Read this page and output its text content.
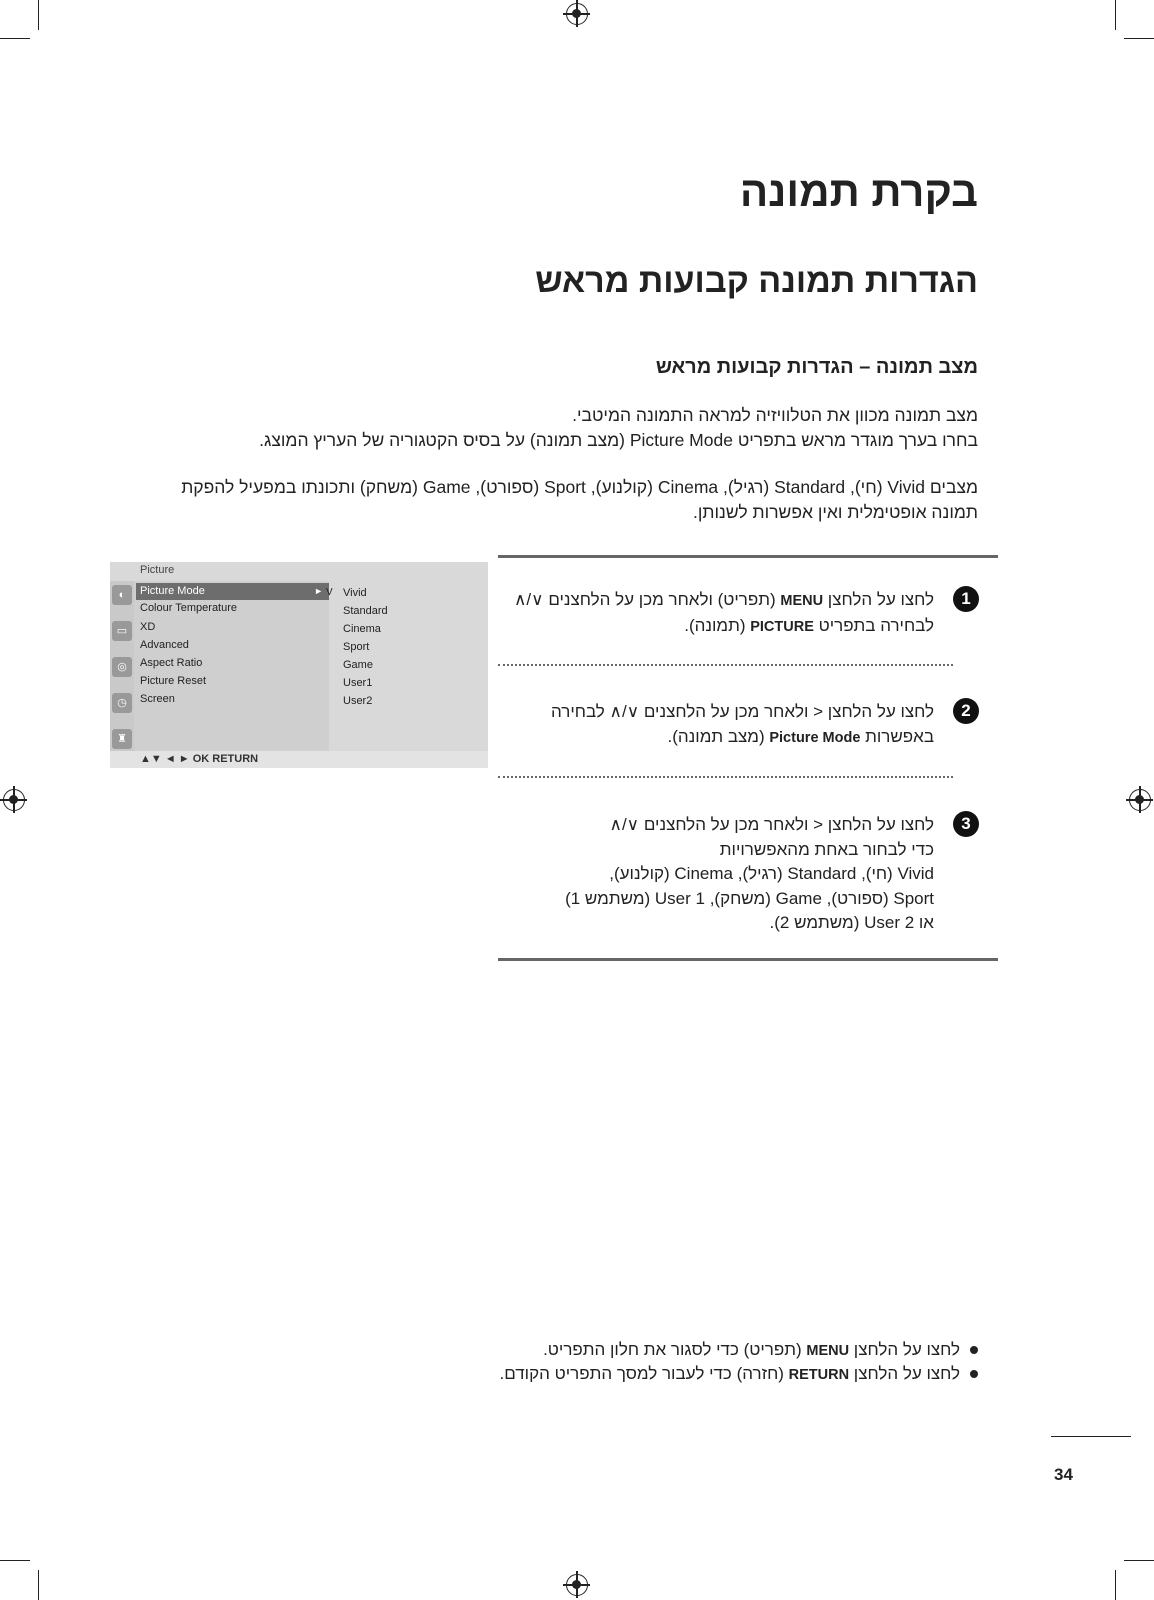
בקרת תמונה
הגדרות תמונה קבועות מראש
מצב תמונה – הגדרות קבועות מראש
מצב תמונה מכוון את הטלוויזיה למראה התמונה המיטבי.
בחרו בערך מוגדר מראש בתפריט Picture Mode (מצב תמונה) על בסיס הקטגוריה של העריץ המוצג.
מצבים Vivid (חי), Standard (רגיל), Cinema (קולנוע), Sport (ספורט), Game (משחק) ותכונתו במפעיל להפקת
תמונה אופטימלית ואין אפשרות לשנותן.
Picture
◐
▭
◎
◷
♜
Picture Mode	►
Colour Temperature
XD
Advanced
Aspect Ratio
Picture Reset
Screen
V Vivid
Standard
Cinema
Sport
Game
User1
User2
▲▼ ◄ ► OK RETURN
1
לחצו על הלחצן MENU (תפריט) ולאחר מכן על הלחצנים ∨/∧
לבחירה בתפריט PICTURE (תמונה).
2
לחצו על הלחצן < ולאחר מכן על הלחצנים ∨/∧ לבחירה
באפשרות Picture Mode (מצב תמונה).
3
לחצו על הלחצן < ולאחר מכן על הלחצנים ∨/∧
כדי לבחור באחת מהאפשרויות
Vivid (חי), Standard (רגיל), Cinema (קולנוע),
Sport (ספורט), Game (משחק), User 1 (משתמש 1)
או User 2 (משתמש 2).
לחצו על הלחצן MENU (תפריט) כדי לסגור את חלון התפריט.
לחצו על הלחצן RETURN (חזרה) כדי לעבור למסך התפריט הקודם.
34
